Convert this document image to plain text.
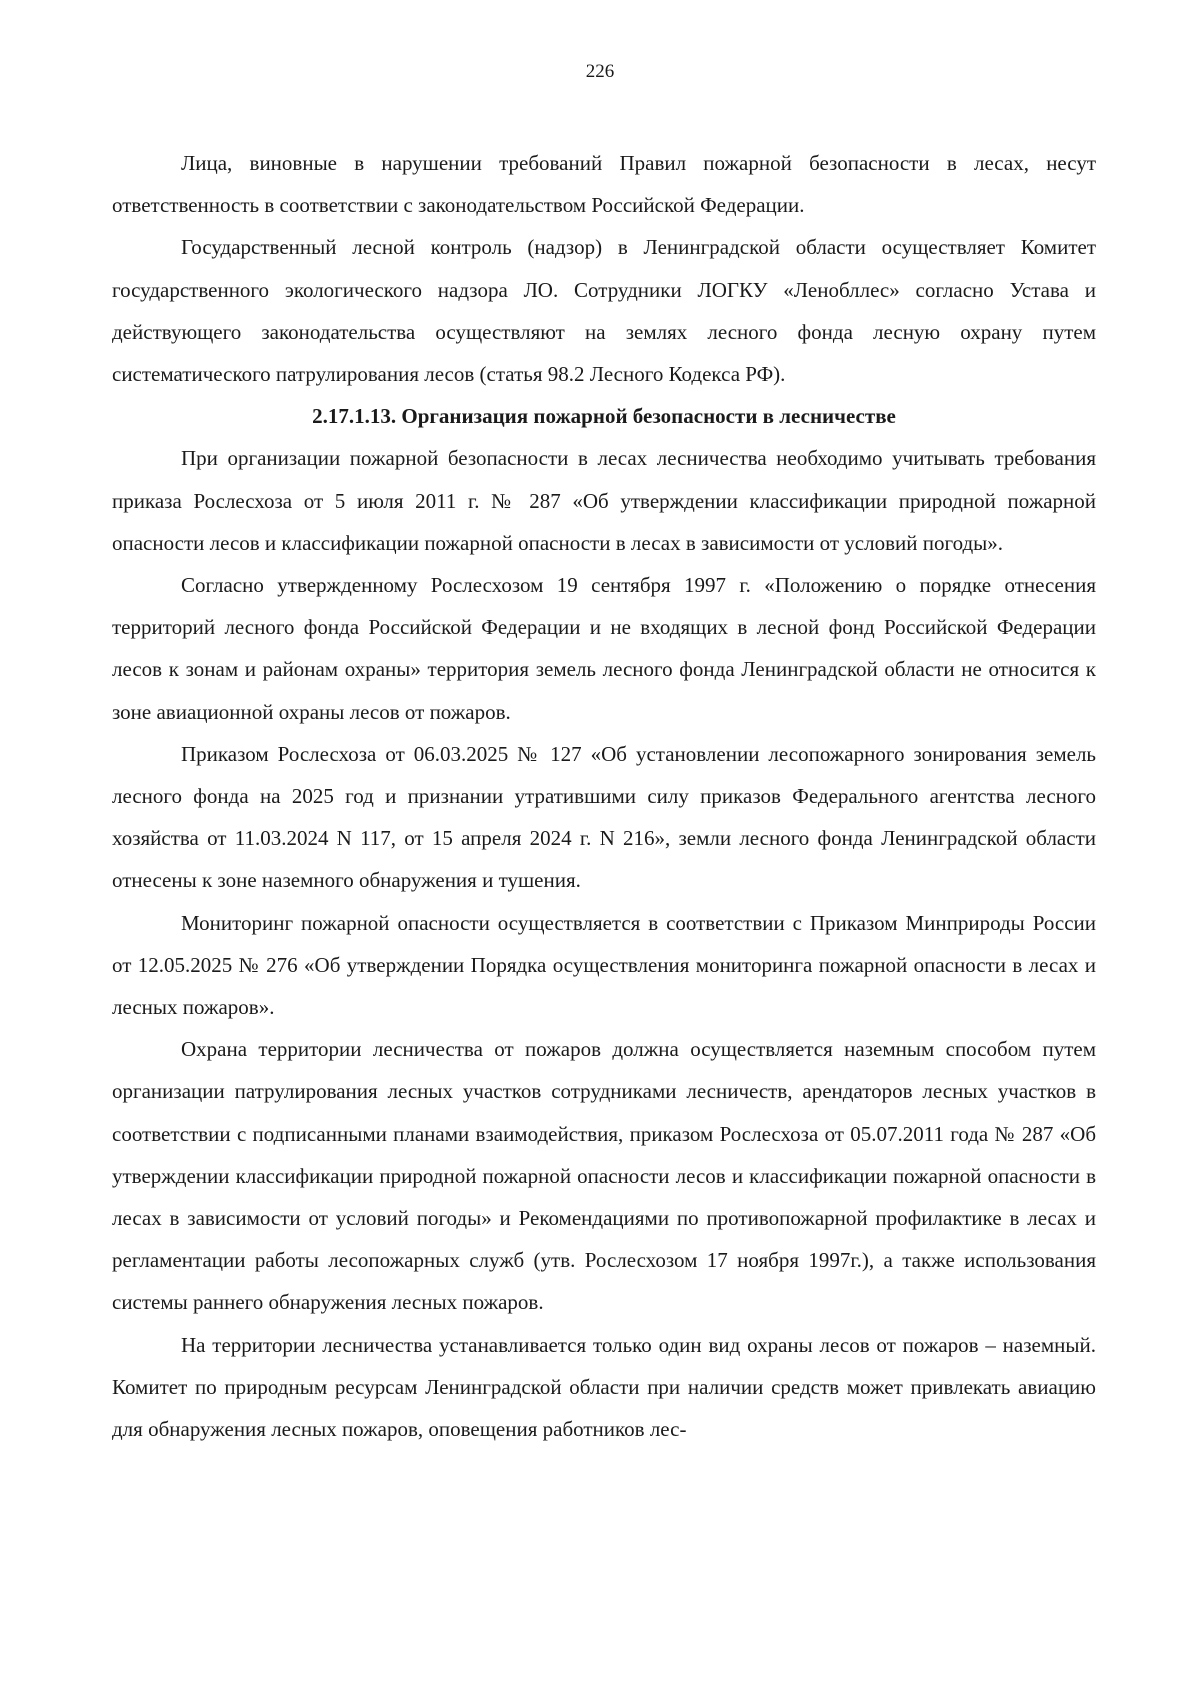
226

Лица, виновные в нарушении требований Правил пожарной безопасности в лесах, несут ответственность в соответствии с законодательством Российской Федерации.

Государственный лесной контроль (надзор) в Ленинградской области осуществляет Комитет государственного экологического надзора ЛО. Сотрудники ЛОГКУ «Ленобллес» согласно Устава и действующего законодательства осуществляют на землях лесного фонда лесную охрану путем систематического патрулирования лесов (статья 98.2 Лесного Кодекса РФ).

2.17.1.13. Организация пожарной безопасности в лесничестве

При организации пожарной безопасности в лесах лесничества необходимо учитывать требования приказа Рослесхоза от 5 июля 2011 г. № 287 «Об утверждении классификации природной пожарной опасности лесов и классификации пожарной опасности в лесах в зависимости от условий погоды».

Согласно утвержденному Рослесхозом 19 сентября 1997 г. «Положению о порядке отнесения территорий лесного фонда Российской Федерации и не входящих в лесной фонд Российской Федерации лесов к зонам и районам охраны» территория земель лесного фонда Ленинградской области не относится к зоне авиационной охраны лесов от пожаров.

Приказом Рослесхоза от 06.03.2025 № 127 «Об установлении лесопожарного зонирования земель лесного фонда на 2025 год и признании утратившими силу приказов Федерального агентства лесного хозяйства от 11.03.2024 N 117, от 15 апреля 2024 г. N 216», земли лесного фонда Ленинградской области отнесены к зоне наземного обнаружения и тушения.

Мониторинг пожарной опасности осуществляется в соответствии с Приказом Минприроды России от 12.05.2025 № 276 «Об утверждении Порядка осуществления мониторинга пожарной опасности в лесах и лесных пожаров».

Охрана территории лесничества от пожаров должна осуществляется наземным способом путем организации патрулирования лесных участков сотрудниками лесничеств, арендаторов лесных участков в соответствии с подписанными планами взаимодействия, приказом Рослесхоза от 05.07.2011 года № 287 «Об утверждении классификации природной пожарной опасности лесов и классификации пожарной опасности в лесах в зависимости от условий погоды» и Рекомендациями по противопожарной профилактике в лесах и регламентации работы лесопожарных служб (утв. Рослесхозом 17 ноября 1997г.), а также использования системы раннего обнаружения лесных пожаров.

На территории лесничества устанавливается только один вид охраны лесов от пожаров – наземный. Комитет по природным ресурсам Ленинградской области при наличии средств может привлекать авиацию для обнаружения лесных пожаров, оповещения работников лес-
